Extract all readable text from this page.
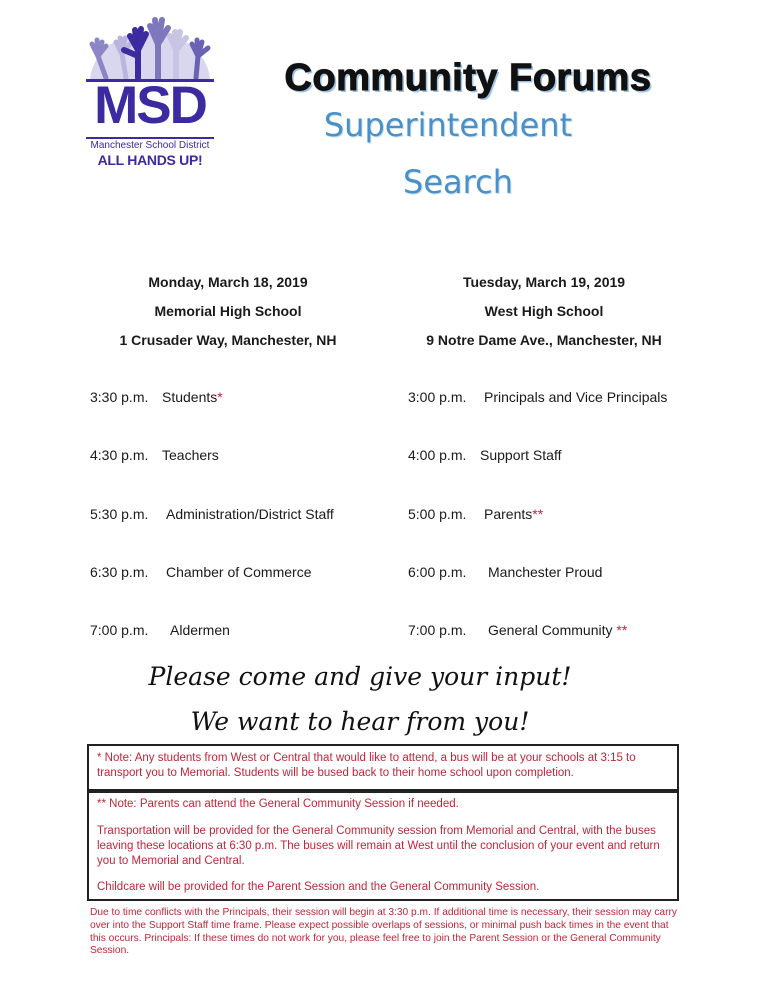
MSD
Manchester School District
ALL HANDS UP!
Community Forums
Superintendent
Search
Monday, March 18, 2019
Memorial High School
1 Crusader Way, Manchester, NH
Tuesday, March 19, 2019
West High School
9 Notre Dame Ave., Manchester, NH
3:30 p.m. Students*
4:30 p.m. Teachers
5:30 p.m. Administration/District Staff
6:30 p.m. Chamber of Commerce
7:00 p.m. Aldermen
3:00 p.m. Principals and Vice Principals
4:00 p.m. Support Staff
5:00 p.m. Parents**
6:00 p.m. Manchester Proud
7:00 p.m. General Community **
Please come and give your input!
We want to hear from you!
* Note: Any students from West or Central that would like to attend, a bus will be at your schools at 3:15 to transport you to Memorial. Students will be bused back to their home school upon completion.
** Note: Parents can attend the General Community Session if needed.
Transportation will be provided for the General Community session from Memorial and Central, with the buses leaving these locations at 6:30 p.m. The buses will remain at West until the conclusion of your event and return you to Memorial and Central.
Childcare will be provided for the Parent Session and the General Community Session.
Due to time conflicts with the Principals, their session will begin at 3:30 p.m. If additional time is necessary, their session may carry over into the Support Staff time frame. Please expect possible overlaps of sessions, or minimal push back times in the event that this occurs. Principals: If these times do not work for you, please feel free to join the Parent Session or the General Community Session.
